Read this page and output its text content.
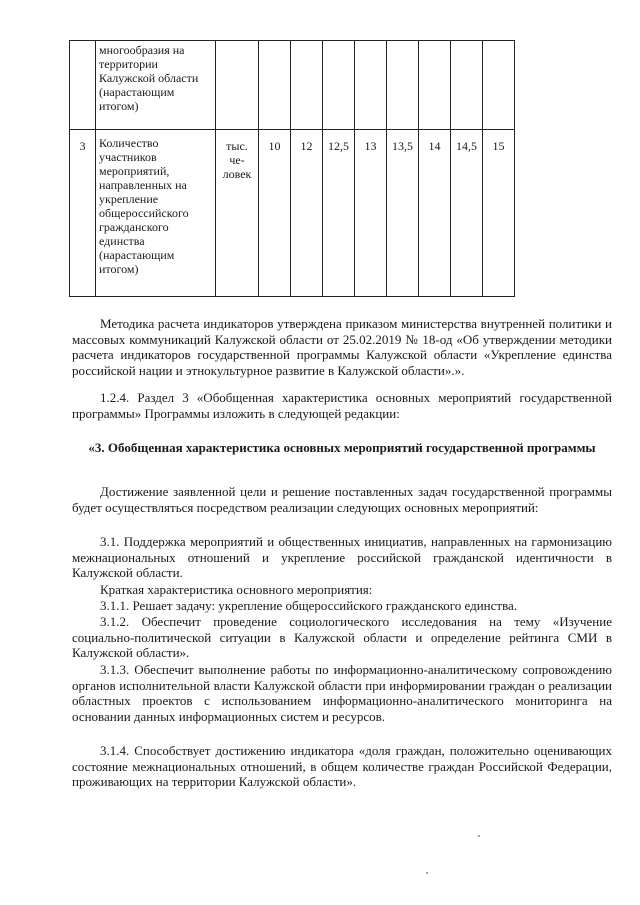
	многообразия на территории Калужской области (нарастающим итогом)									
3	Количество участников мероприятий, направленных на укрепление общероссийского гражданского единства (нарастающим итогом)	тыс. че-ловек	10	12	12,5	13	13,5	14	14,5	15

Методика расчета индикаторов утверждена приказом министерства внутренней политики и массовых коммуникаций Калужской области от 25.02.2019 № 18-од «Об утверждении методики расчета индикаторов государственной программы Калужской области «Укрепление единства российской нации и этнокультурное развитие в Калужской области».».

1.2.4. Раздел 3 «Обобщенная характеристика основных мероприятий государственной программы» Программы изложить в следующей редакции:

«3. Обобщенная характеристика основных мероприятий государственной программы

Достижение заявленной цели и решение поставленных задач государственной программы будет осуществляться посредством реализации следующих основных мероприятий:

3.1. Поддержка мероприятий и общественных инициатив, направленных на гармонизацию межнациональных отношений и укрепление российской гражданской идентичности в Калужской области.

Краткая характеристика основного мероприятия:

3.1.1. Решает задачу: укрепление общероссийского гражданского единства.

3.1.2. Обеспечит проведение социологического исследования на тему «Изучение социально-политической ситуации в Калужской области и определение рейтинга СМИ в Калужской области».

3.1.3. Обеспечит выполнение работы по информационно-аналитическому сопровождению органов исполнительной власти Калужской области при информировании граждан о реализации областных проектов с использованием информационно-аналитического мониторинга на основании данных информационных систем и ресурсов.

3.1.4. Способствует достижению индикатора «доля граждан, положительно оценивающих состояние межнациональных отношений, в общем количестве граждан Российской Федерации, проживающих на территории Калужской области».
